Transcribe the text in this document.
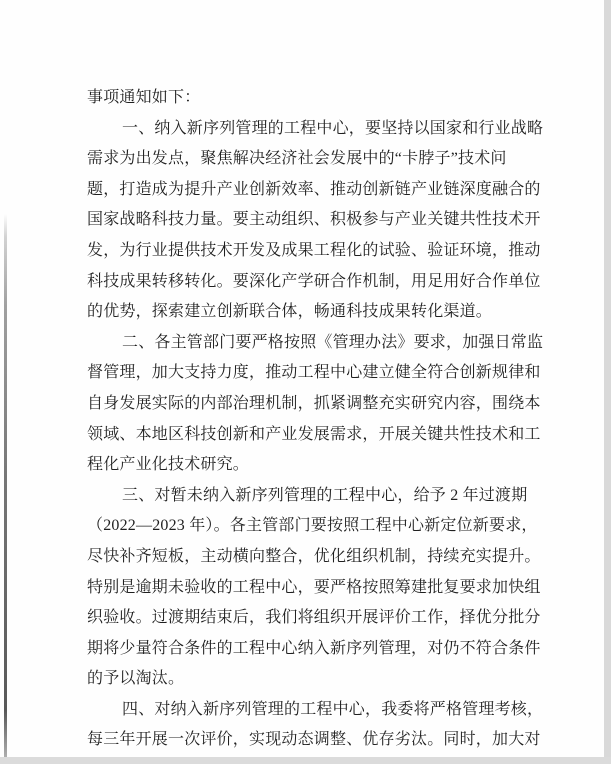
事项通知如下：
一、纳入新序列管理的工程中心，要坚持以国家和行业战略
需求为出发点，聚焦解决经济社会发展中的“卡脖子”技术问
题，打造成为提升产业创新效率、推动创新链产业链深度融合的
国家战略科技力量。要主动组织、积极参与产业关键共性技术开
发，为行业提供技术开发及成果工程化的试验、验证环境，推动
科技成果转移转化。要深化产学研合作机制，用足用好合作单位
的优势，探索建立创新联合体，畅通科技成果转化渠道。
二、各主管部门要严格按照《管理办法》要求，加强日常监
督管理，加大支持力度，推动工程中心建立健全符合创新规律和
自身发展实际的内部治理机制，抓紧调整充实研究内容，围绕本
领域、本地区科技创新和产业发展需求，开展关键共性技术和工
程化产业化技术研究。
三、对暂未纳入新序列管理的工程中心，给予 2 年过渡期
（2022—2023 年）。各主管部门要按照工程中心新定位新要求，
尽快补齐短板，主动横向整合，优化组织机制，持续充实提升。
特别是逾期未验收的工程中心，要严格按照筹建批复要求加快组
织验收。过渡期结束后，我们将组织开展评价工作，择优分批分
期将少量符合条件的工程中心纳入新序列管理，对仍不符合条件
的予以淘汰。
四、对纳入新序列管理的工程中心，我委将严格管理考核，
每三年开展一次评价，实现动态调整、优存劣汰。同时，加大对
